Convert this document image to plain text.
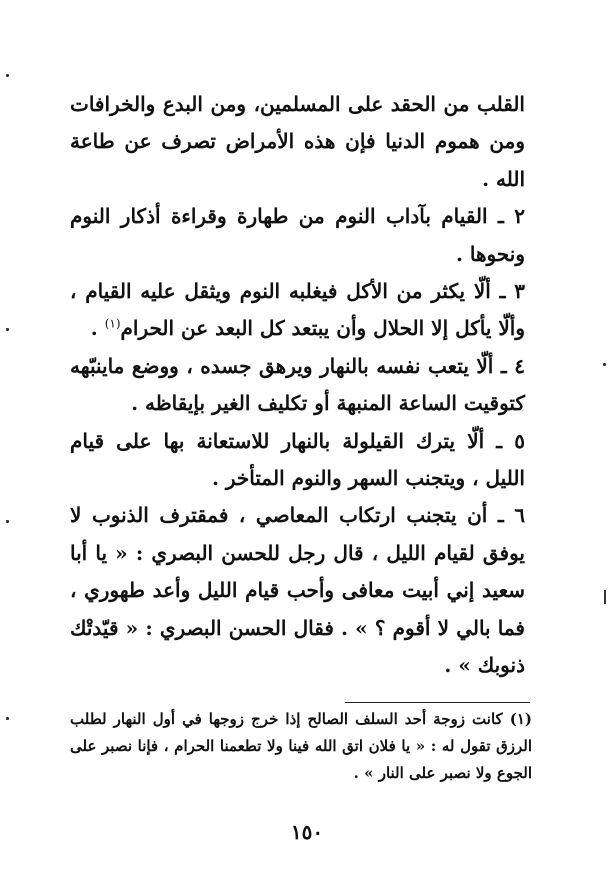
القلب من الحقد على المسلمين، ومن البدع والخرافات ومن هموم الدنيا فإن هذه الأمراض تصرف عن طاعة الله .

٢ ـ القيام بآداب النوم من طهارة وقراءة أذكار النوم ونحوها .

٣ ـ ألّا يكثر من الأكل فيغلبه النوم ويثقل عليه القيام ، وألّا يأكل إلا الحلال وأن يبتعد كل البعد عن الحرام$^{(١)}$ .

٤ ـ ألّا يتعب نفسه بالنهار ويرهق جسده ، ووضع ماينبّهه كتوقيت الساعة المنبهة أو تكليف الغير بإيقاظه .

٥ ـ ألّا يترك القيلولة بالنهار للاستعانة بها على قيام الليل ، ويتجنب السهر والنوم المتأخر .

٦ ـ أن يتجنب ارتكاب المعاصي ، فمقترف الذنوب لا يوفق لقيام الليل ، قال رجل للحسن البصري : « يا أبا سعيد إني أبيت معافى وأحب قيام الليل وأعد طهوري ، فما بالي لا أقوم ؟ » . فقال الحسن البصري : « قيّدتْك ذنوبك » .

(١) كانت زوجة أحد السلف الصالح إذا خرج زوجها في أول النهار لطلب الرزق تقول له : « يا فلان اتق الله فينا ولا تطعمنا الحرام ، فإنا نصبر على الجوع ولا نصبر على النار » .

١٥٠
